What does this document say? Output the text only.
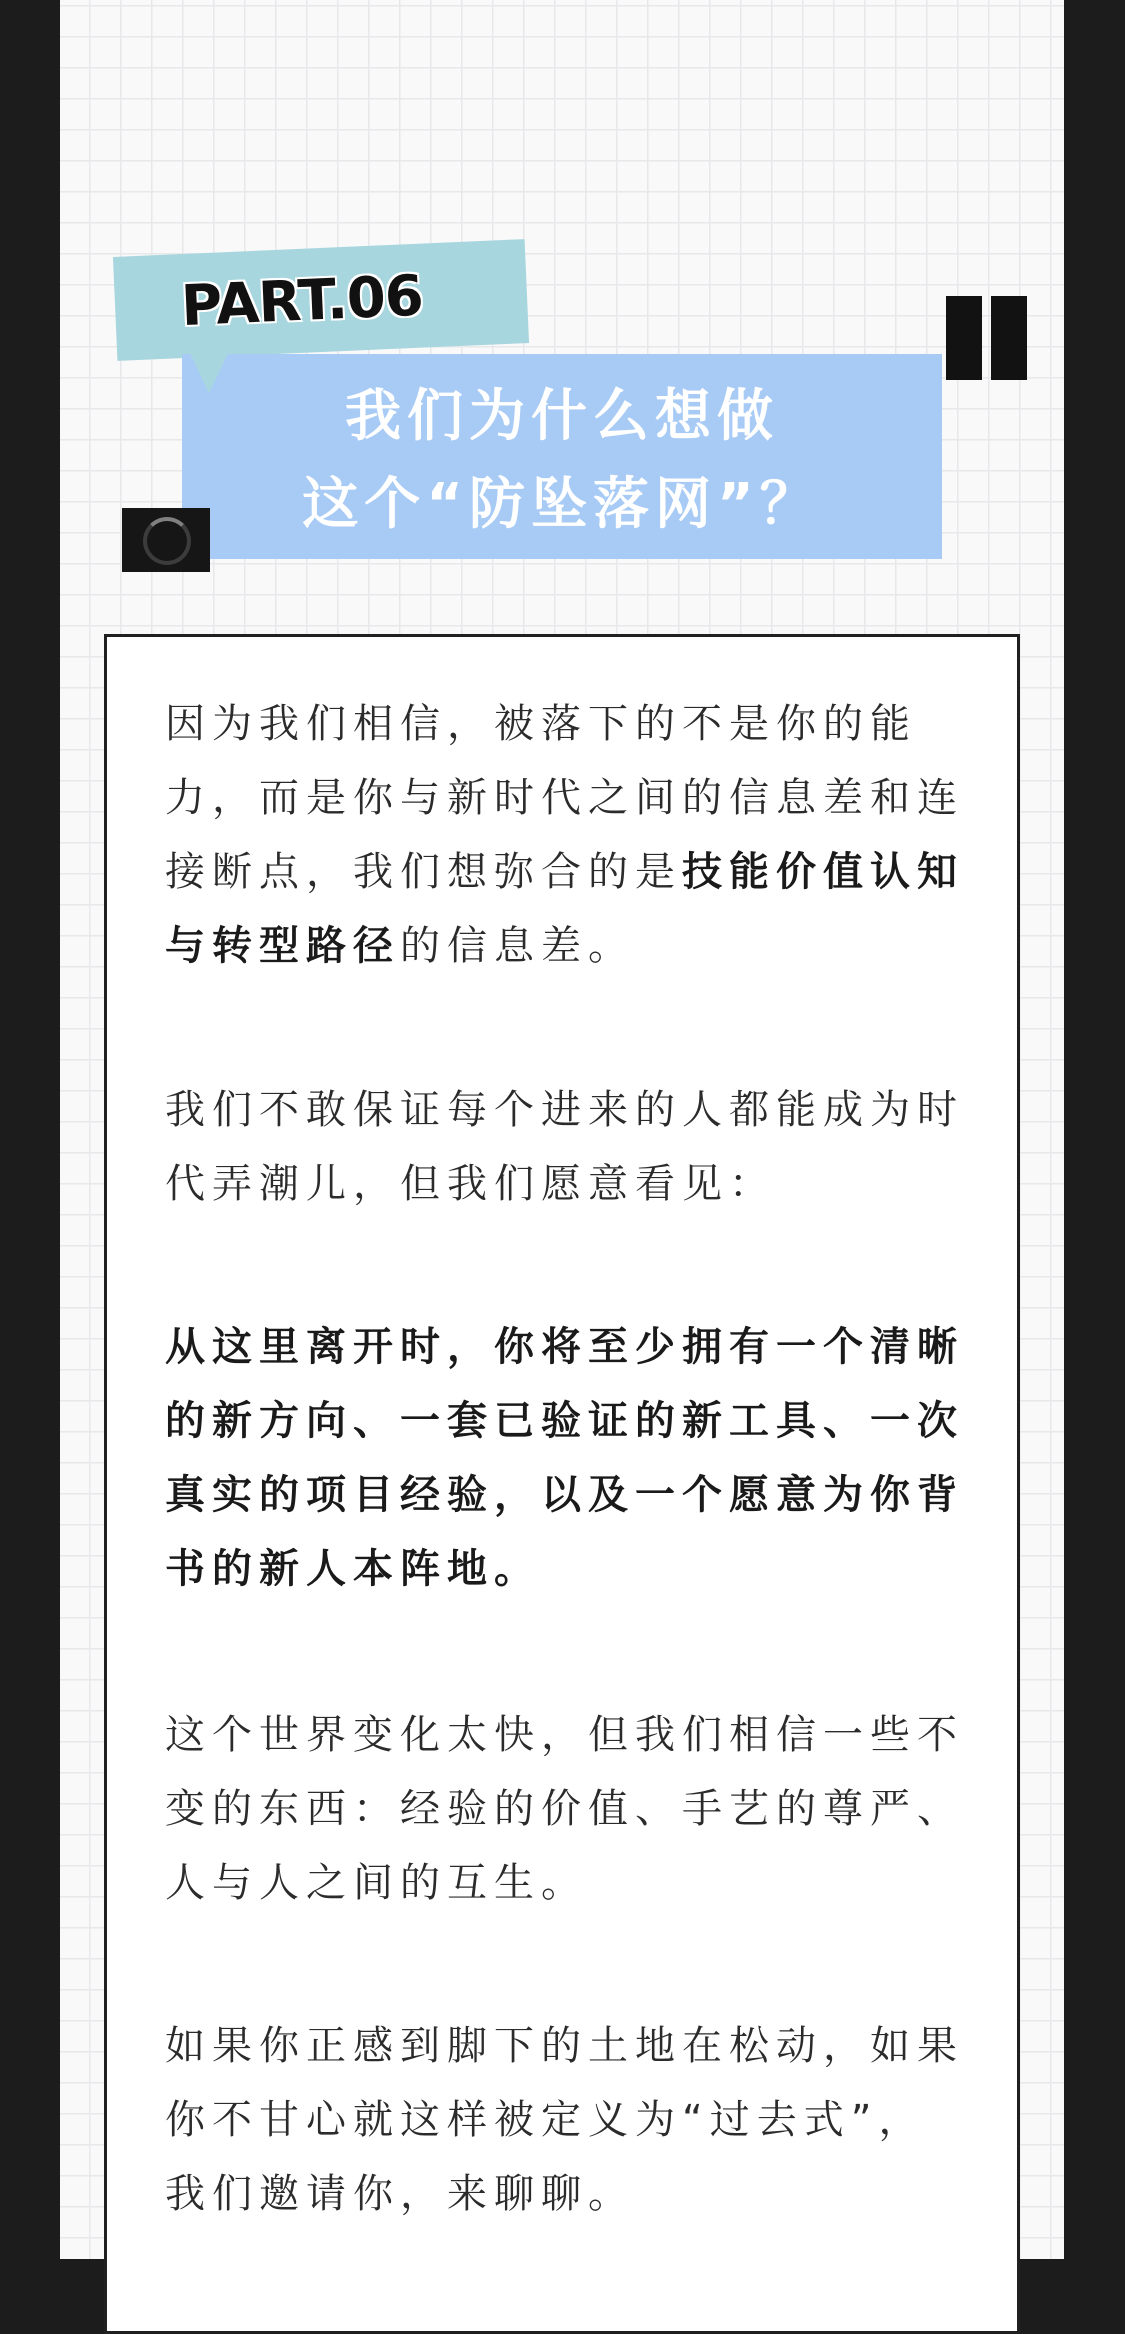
PART.06
我们为什么想做
这个“防坠落网”？

因为我们相信，被落下的不是你的能力，而是你与新时代之间的信息差和连接断点，我们想弥合的是技能价值认知与转型路径的信息差。

我们不敢保证每个进来的人都能成为时代弄潮儿，但我们愿意看见：

从这里离开时，你将至少拥有一个清晰的新方向、一套已验证的新工具、一次真实的项目经验，以及一个愿意为你背书的新人本阵地。

这个世界变化太快，但我们相信一些不变的东西：经验的价值、手艺的尊严、人与人之间的互生。

如果你正感到脚下的土地在松动，如果你不甘心就这样被定义为“过去式”，我们邀请你，来聊聊。
